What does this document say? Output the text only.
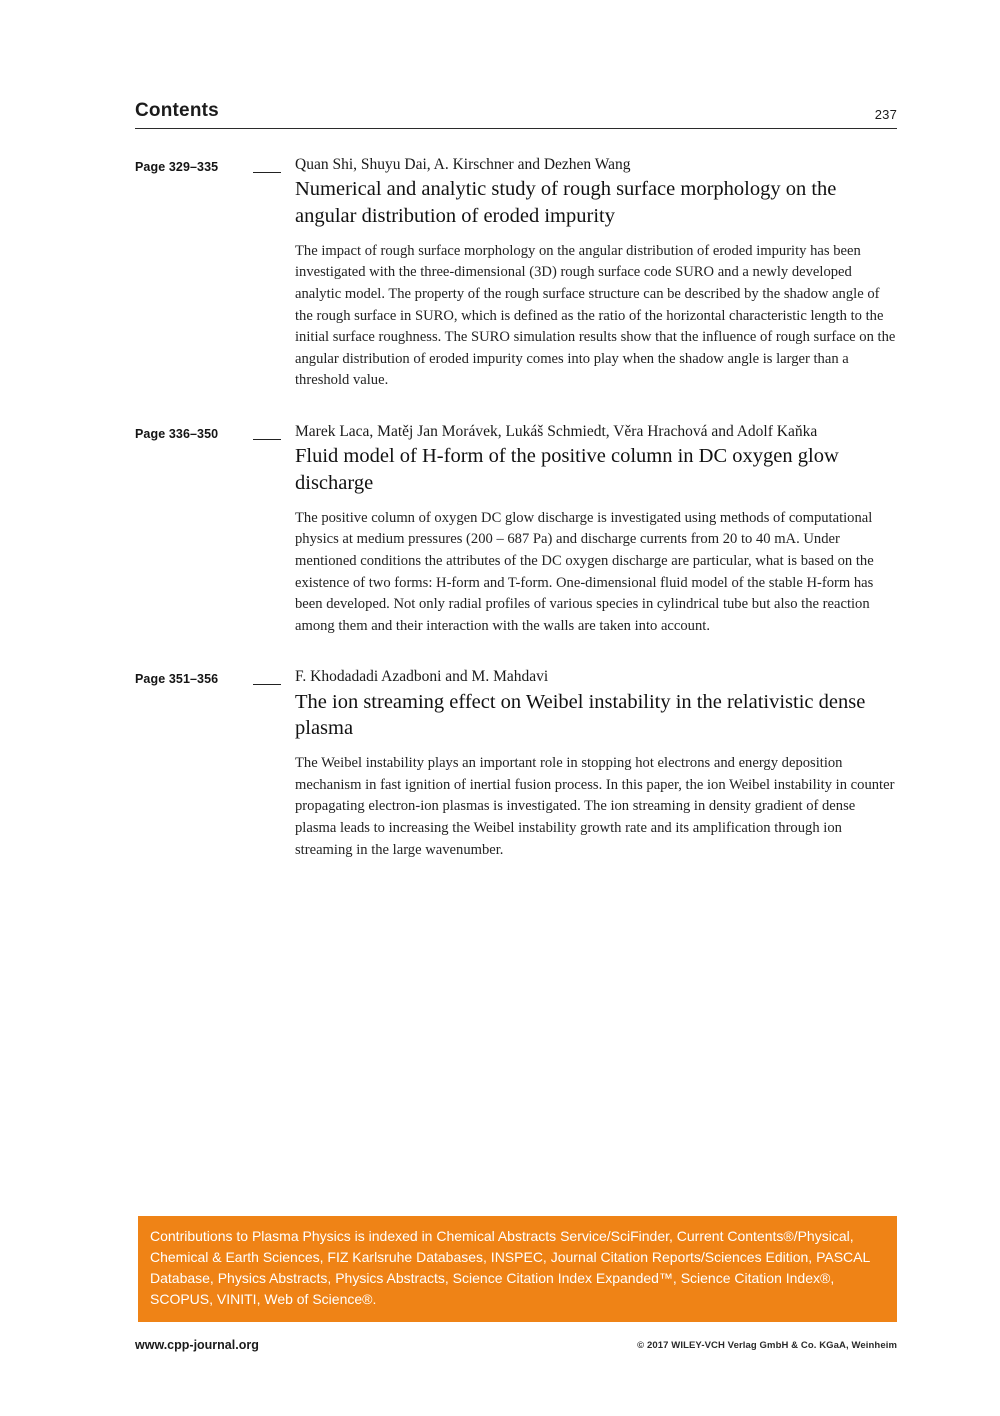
Contents	237
Page 329–335	Quan Shi, Shuyu Dai, A. Kirschner and Dezhen Wang
Numerical and analytic study of rough surface morphology on the angular distribution of eroded impurity
The impact of rough surface morphology on the angular distribution of eroded impurity has been investigated with the three-dimensional (3D) rough surface code SURO and a newly developed analytic model. The property of the rough surface structure can be described by the shadow angle of the rough surface in SURO, which is defined as the ratio of the horizontal characteristic length to the initial surface roughness. The SURO simulation results show that the influence of rough surface on the angular distribution of eroded impurity comes into play when the shadow angle is larger than a threshold value.
Page 336–350	Marek Laca, Matěj Jan Morávek, Lukáš Schmiedt, Věra Hrachová and Adolf Kaňka
Fluid model of H-form of the positive column in DC oxygen glow discharge
The positive column of oxygen DC glow discharge is investigated using methods of computational physics at medium pressures (200 – 687 Pa) and discharge currents from 20 to 40 mA. Under mentioned conditions the attributes of the DC oxygen discharge are particular, what is based on the existence of two forms: H-form and T-form. One-dimensional fluid model of the stable H-form has been developed. Not only radial profiles of various species in cylindrical tube but also the reaction among them and their interaction with the walls are taken into account.
Page 351–356	F. Khodadadi Azadboni and M. Mahdavi
The ion streaming effect on Weibel instability in the relativistic dense plasma
The Weibel instability plays an important role in stopping hot electrons and energy deposition mechanism in fast ignition of inertial fusion process. In this paper, the ion Weibel instability in counter propagating electron-ion plasmas is investigated. The ion streaming in density gradient of dense plasma leads to increasing the Weibel instability growth rate and its amplification through ion streaming in the large wavenumber.
Contributions to Plasma Physics is indexed in Chemical Abstracts Service/SciFinder, Current Contents®/Physical, Chemical & Earth Sciences, FIZ Karlsruhe Databases, INSPEC, Journal Citation Reports/Sciences Edition, PASCAL Database, Physics Abstracts, Physics Abstracts, Science Citation Index Expanded™, Science Citation Index®, SCOPUS, VINITI, Web of Science®.
www.cpp-journal.org	© 2017 WILEY-VCH Verlag GmbH & Co. KGaA, Weinheim
